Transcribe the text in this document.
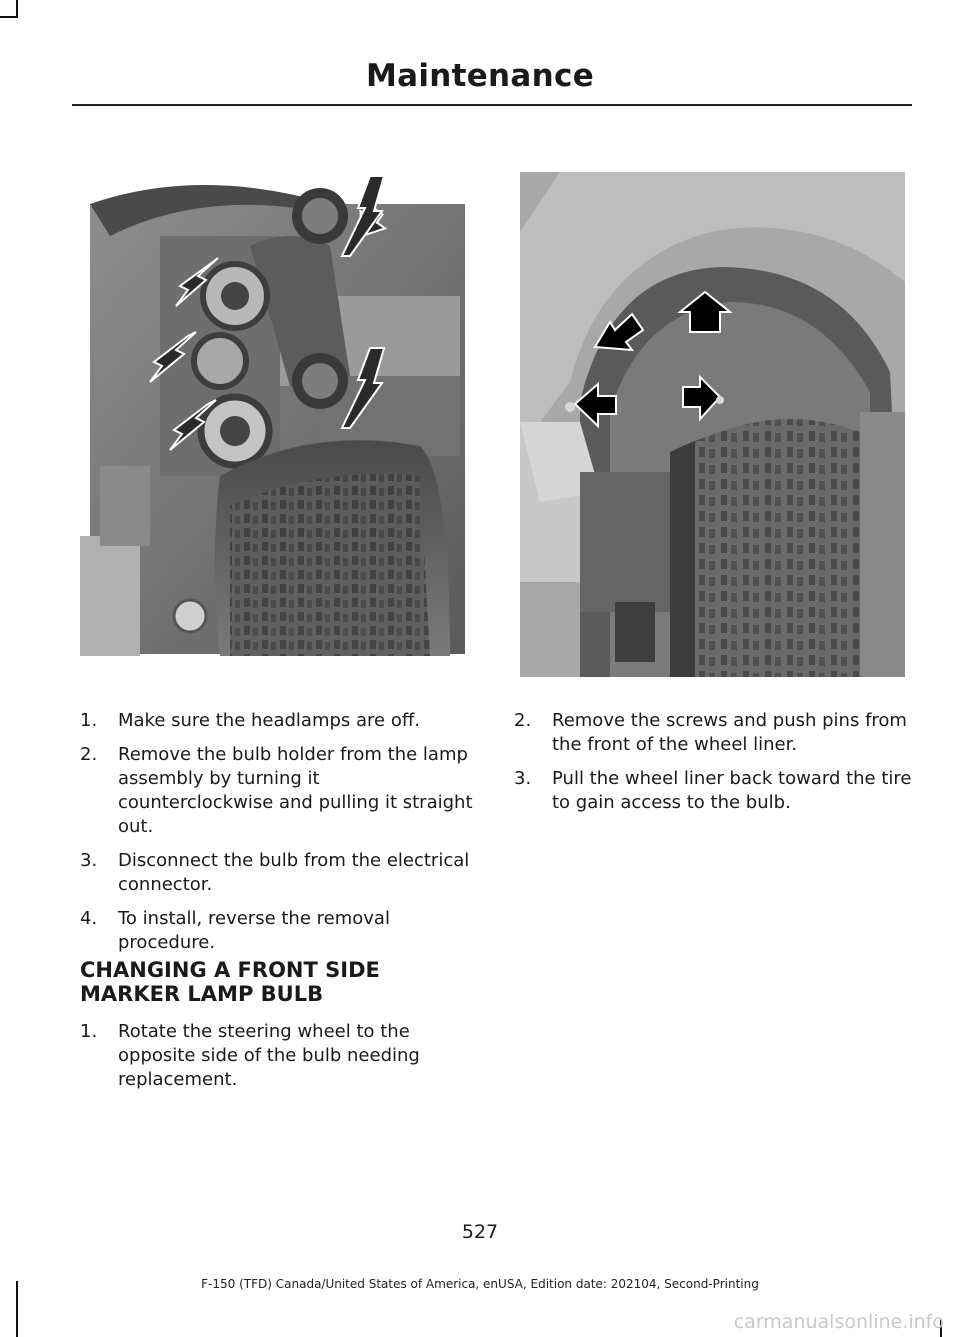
Maintenance
1. Make sure the headlamps are off.
2. Remove the bulb holder from the lamp assembly by turning it counterclockwise and pulling it straight out.
3. Disconnect the bulb from the electrical connector.
4. To install, reverse the removal procedure.
CHANGING A FRONT SIDE MARKER LAMP BULB
1. Rotate the steering wheel to the opposite side of the bulb needing replacement.
2. Remove the screws and push pins from the front of the wheel liner.
3. Pull the wheel liner back toward the tire to gain access to the bulb.
527
F-150 (TFD) Canada/United States of America, enUSA, Edition date: 202104, Second-Printing
carmanualsonline.info
